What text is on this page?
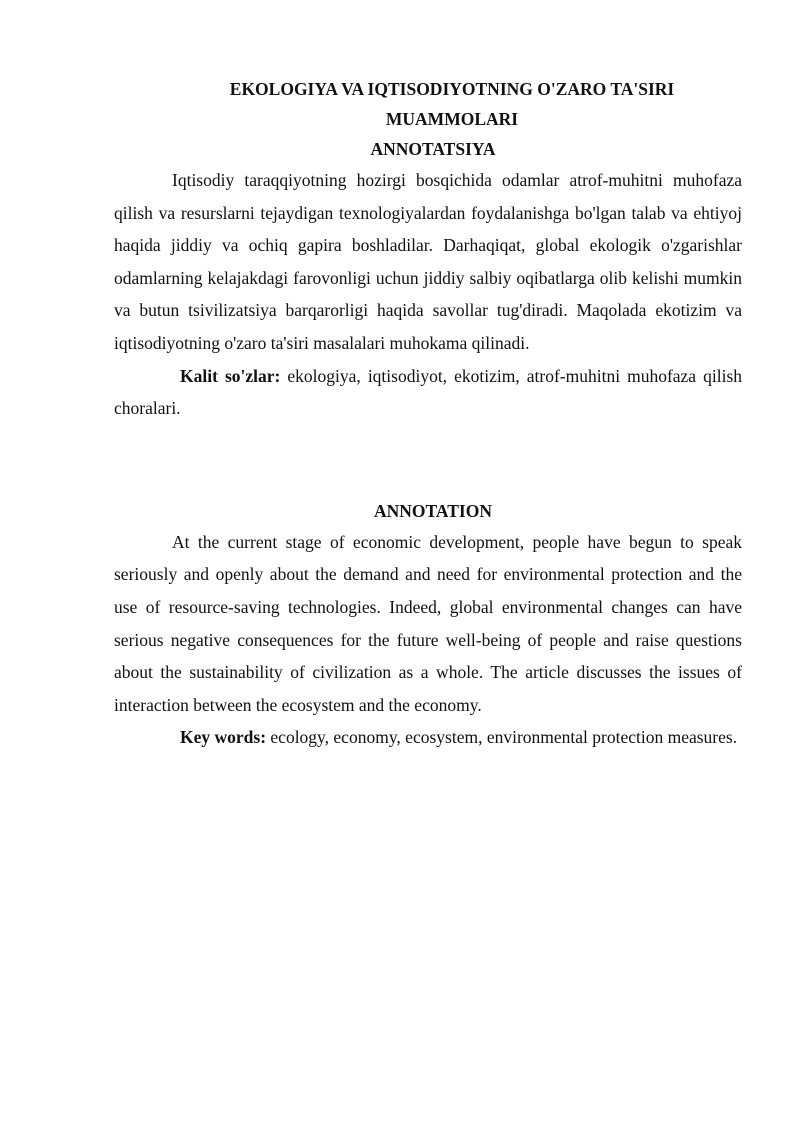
EKOLOGIYA VA IQTISODIYOTNING O'ZARO TA'SIRI
MUAMMOLARI
ANNOTATSIYA

Iqtisodiy taraqqiyotning hozirgi bosqichida odamlar atrof-muhitni muhofaza qilish va resurslarni tejaydigan texnologiyalardan foydalanishga bo'lgan talab va ehtiyoj haqida jiddiy va ochiq gapira boshladilar. Darhaqiqat, global ekologik o'zgarishlar odamlarning kelajakdagi farovonligi uchun jiddiy salbiy oqibatlarga olib kelishi mumkin va butun tsivilizatsiya barqarorligi haqida savollar tug'diradi. Maqolada ekotizim va iqtisodiyotning o'zaro ta'siri masalalari muhokama qilinadi.

Kalit so'zlar: ekologiya, iqtisodiyot, ekotizim, atrof-muhitni muhofaza qilish choralari.

ANNOTATION

At the current stage of economic development, people have begun to speak seriously and openly about the demand and need for environmental protection and the use of resource-saving technologies. Indeed, global environmental changes can have serious negative consequences for the future well-being of people and raise questions about the sustainability of civilization as a whole. The article discusses the issues of interaction between the ecosystem and the economy.

Key words: ecology, economy, ecosystem, environmental protection measures.
